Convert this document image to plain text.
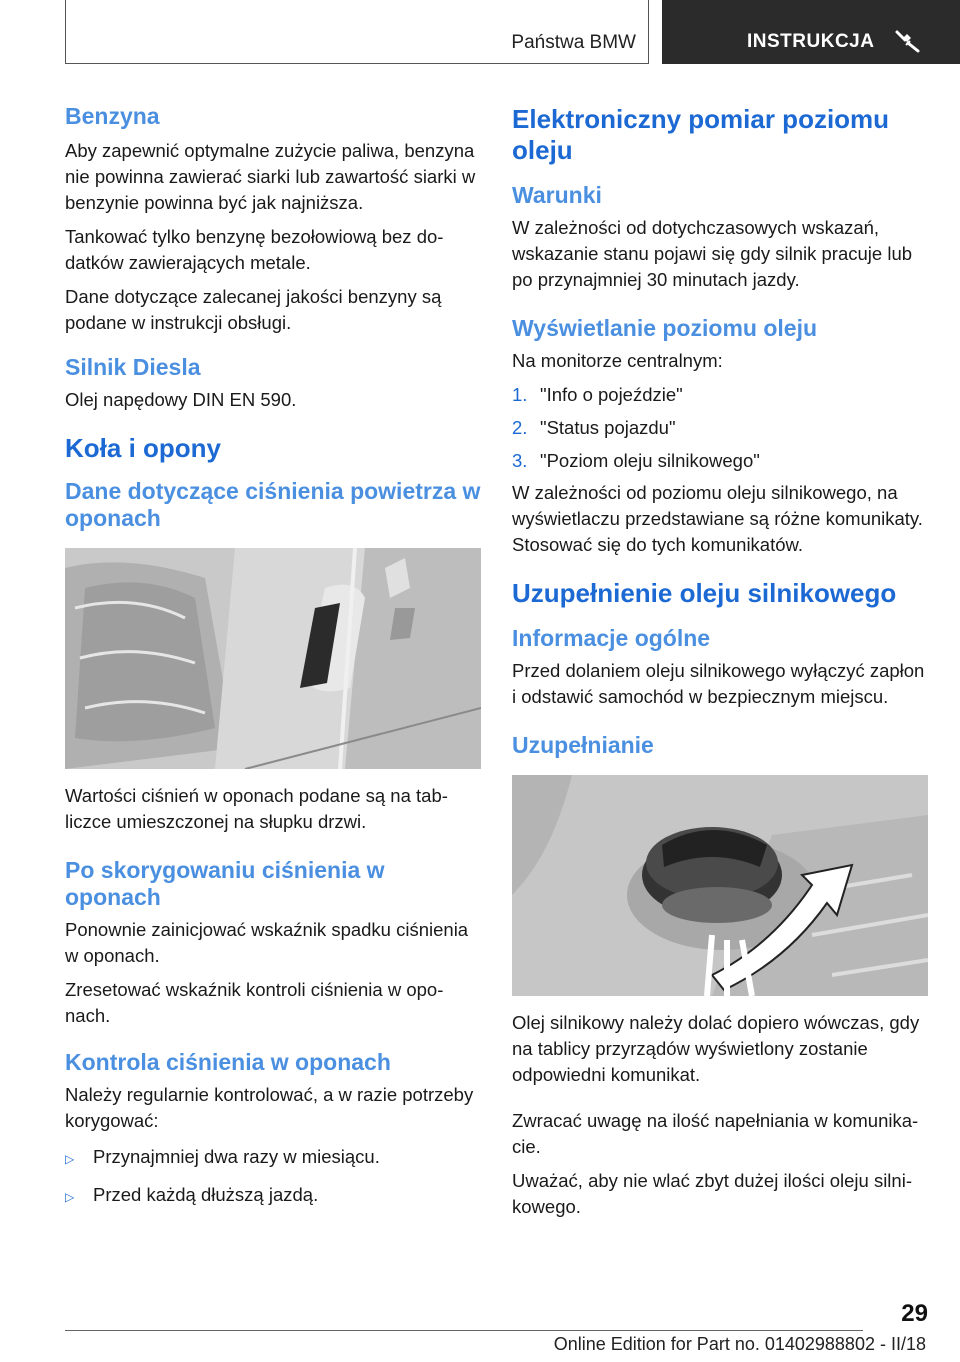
Państwa BMW	INSTRUKCJA
Benzyna

Aby zapewnić optymalne zużycie paliwa, benzyna nie powinna zawierać siarki lub zawartość siarki w benzynie powinna być jak najniższa.

Tankować tylko benzynę bezołowiową bez dodatków zawierających metale.

Dane dotyczące zalecanej jakości benzyny są podane w instrukcji obsługi.

Silnik Diesla

Olej napędowy DIN EN 590.

Koła i opony
Dane dotyczące ciśnienia powietrza w oponach

Wartości ciśnień w oponach podane są na tabliczce umieszczonej na słupku drzwi.

Po skorygowaniu ciśnienia w oponach

Ponownie zainicjować wskaźnik spadku ciśnienia w oponach.

Zresetować wskaźnik kontroli ciśnienia w oponach.

Kontrola ciśnienia w oponach

Należy regularnie kontrolować, a w razie potrzeby korygować:

▷	Przynajmniej dwa razy w miesiącu.
▷	Przed każdą dłuższą jazdą.
Elektroniczny pomiar poziomu oleju
Warunki

W zależności od dotychczasowych wskazań, wskazanie stanu pojawi się gdy silnik pracuje lub po przynajmniej 30 minutach jazdy.

Wyświetlanie poziomu oleju

Na monitorze centralnym:

1. "Info o pojeździe"
2. "Status pojazdu"
3. "Poziom oleju silnikowego"

W zależności od poziomu oleju silnikowego, na wyświetlaczu przedstawiane są różne komunikaty. Stosować się do tych komunikatów.

Uzupełnienie oleju silnikowego
Informacje ogólne

Przed dolaniem oleju silnikowego wyłączyć zapłon i odstawić samochód w bezpiecznym miejscu.

Uzupełnianie

Olej silnikowy należy dolać dopiero wówczas, gdy na tablicy przyrządów wyświetlony zostanie odpowiedni komunikat.

Zwracać uwagę na ilość napełniania w komunikacie.

Uważać, aby nie wlać zbyt dużej ilości oleju silnikowego.

29
Online Edition for Part no. 01402988802 - II/18
